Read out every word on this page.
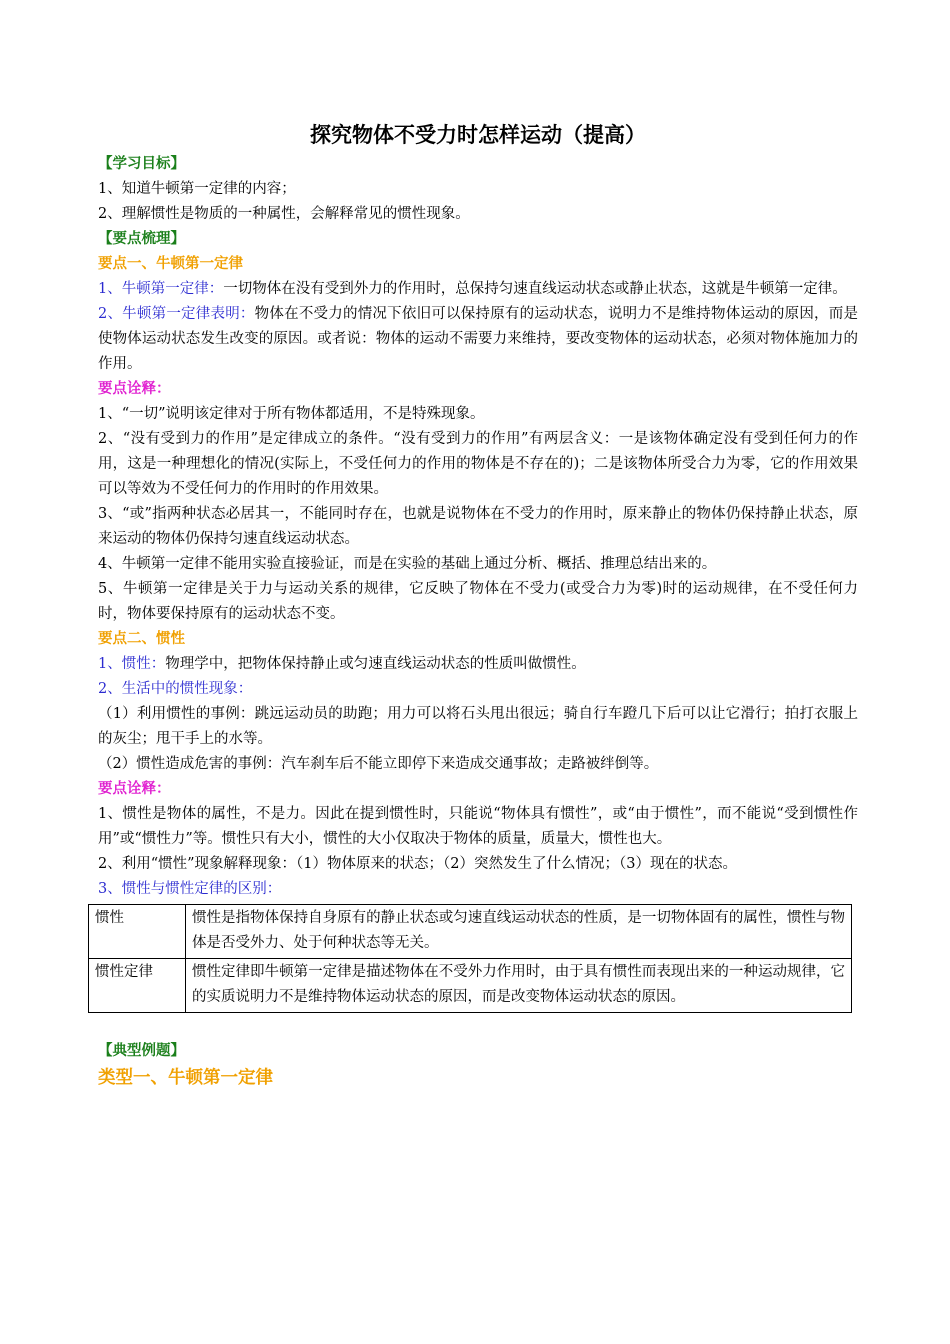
探究物体不受力时怎样运动（提高）
【学习目标】
1、知道牛顿第一定律的内容；
2、理解惯性是物质的一种属性，会解释常见的惯性现象。
【要点梳理】
要点一、牛顿第一定律
1、牛顿第一定律：一切物体在没有受到外力的作用时，总保持匀速直线运动状态或静止状态，这就是牛顿第一定律。
2、牛顿第一定律表明：物体在不受力的情况下依旧可以保持原有的运动状态，说明力不是维持物体运动的原因，而是使物体运动状态发生改变的原因。或者说：物体的运动不需要力来维持，要改变物体的运动状态，必须对物体施加力的作用。
要点诠释：
1、“一切”说明该定律对于所有物体都适用，不是特殊现象。
2、“没有受到力的作用”是定律成立的条件。“没有受到力的作用”有两层含义：一是该物体确定没有受到任何力的作用，这是一种理想化的情况(实际上，不受任何力的作用的物体是不存在的)；二是该物体所受合力为零，它的作用效果可以等效为不受任何力的作用时的作用效果。
3、“或”指两种状态必居其一，不能同时存在，也就是说物体在不受力的作用时，原来静止的物体仍保持静止状态，原来运动的物体仍保持匀速直线运动状态。
4、牛顿第一定律不能用实验直接验证，而是在实验的基础上通过分析、概括、推理总结出来的。
5、牛顿第一定律是关于力与运动关系的规律，它反映了物体在不受力(或受合力为零)时的运动规律，在不受任何力时，物体要保持原有的运动状态不变。
要点二、惯性
1、惯性：物理学中，把物体保持静止或匀速直线运动状态的性质叫做惯性。
2、生活中的惯性现象：
（1）利用惯性的事例：跳远运动员的助跑；用力可以将石头甩出很远；骑自行车蹬几下后可以让它滑行；拍打衣服上的灰尘；甩干手上的水等。
（2）惯性造成危害的事例：汽车刹车后不能立即停下来造成交通事故；走路被绊倒等。
要点诠释：
1、惯性是物体的属性，不是力。因此在提到惯性时，只能说“物体具有惯性”，或“由于惯性”，而不能说“受到惯性作用”或“惯性力”等。惯性只有大小，惯性的大小仅取决于物体的质量，质量大，惯性也大。
2、利用“惯性”现象解释现象：（1）物体原来的状态；（2）突然发生了什么情况；（3）现在的状态。
3、惯性与惯性定律的区别：
惯性	惯性是指物体保持自身原有的静止状态或匀速直线运动状态的性质，是一切物体固有的属性，惯性与物体是否受外力、处于何种状态等无关。
惯性定律	惯性定律即牛顿第一定律是描述物体在不受外力作用时，由于具有惯性而表现出来的一种运动规律，它的实质说明力不是维持物体运动状态的原因，而是改变物体运动状态的原因。
【典型例题】
类型一、牛顿第一定律
